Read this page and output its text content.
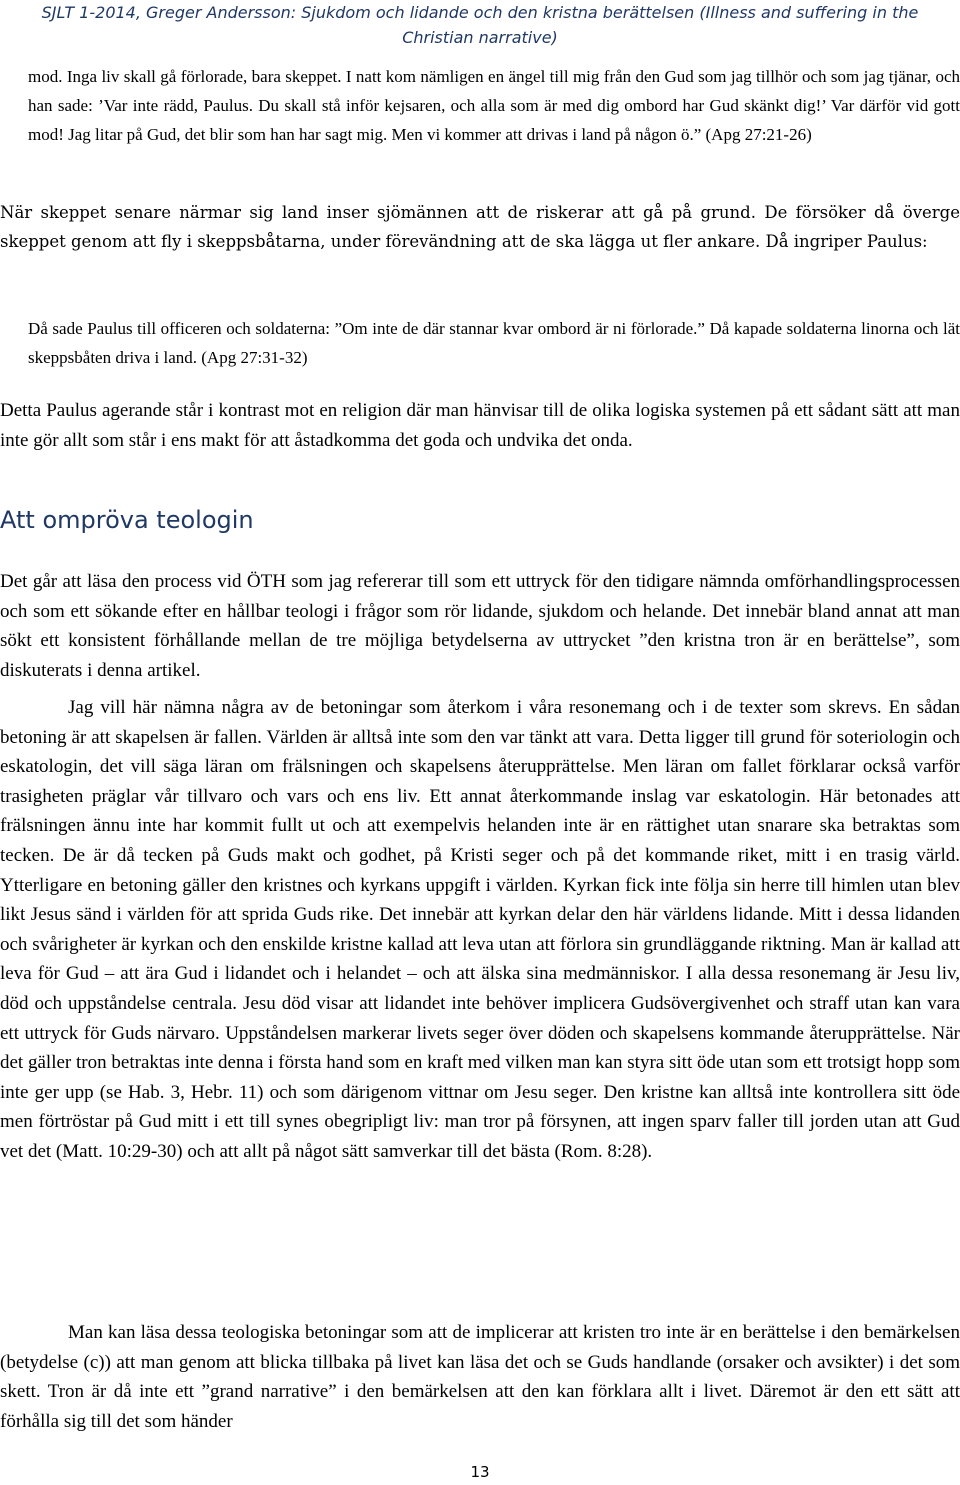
SJLT 1-2014, Greger Andersson: Sjukdom och lidande och den kristna berättelsen (Illness and suffering in the
Christian narrative)
mod. Inga liv skall gå förlorade, bara skeppet. I natt kom nämligen en ängel till mig från den Gud som jag tillhör och som jag tjänar, och han sade: ’Var inte rädd, Paulus. Du skall stå inför kejsaren, och alla som är med dig ombord har Gud skänkt dig!’ Var därför vid gott mod! Jag litar på Gud, det blir som han har sagt mig. Men vi kommer att drivas i land på någon ö.” (Apg 27:21-26)
När skeppet senare närmar sig land inser sjömännen att de riskerar att gå på grund. De försöker då överge skeppet genom att fly i skeppsbåtarna, under förevändning att de ska lägga ut fler ankare. Då ingriper Paulus:
Då sade Paulus till officeren och soldaterna: ”Om inte de där stannar kvar ombord är ni förlorade.” Då kapade soldaterna linorna och lät skeppsbåten driva i land. (Apg 27:31-32)
Detta Paulus agerande står i kontrast mot en religion där man hänvisar till de olika logiska systemen på ett sådant sätt att man inte gör allt som står i ens makt för att åstadkomma det goda och undvika det onda.
Att ompröva teologin
Det går att läsa den process vid ÖTH som jag refererar till som ett uttryck för den tidigare nämnda omförhandlingsprocessen och som ett sökande efter en hållbar teologi i frågor som rör lidande, sjukdom och helande. Det innebär bland annat att man sökt ett konsistent förhållande mellan de tre möjliga betydelserna av uttrycket ”den kristna tron är en berättelse”, som diskuterats i denna artikel.
Jag vill här nämna några av de betoningar som återkom i våra resonemang och i de texter som skrevs. En sådan betoning är att skapelsen är fallen. Världen är alltså inte som den var tänkt att vara. Detta ligger till grund för soteriologin och eskatologin, det vill säga läran om frälsningen och skapelsens återupprättelse. Men läran om fallet förklarar också varför trasigheten präglar vår tillvaro och vars och ens liv. Ett annat återkommande inslag var eskatologin. Här betonades att frälsningen ännu inte har kommit fullt ut och att exempelvis helanden inte är en rättighet utan snarare ska betraktas som tecken. De är då tecken på Guds makt och godhet, på Kristi seger och på det kommande riket, mitt i en trasig värld. Ytterligare en betoning gäller den kristnes och kyrkans uppgift i världen. Kyrkan fick inte följa sin herre till himlen utan blev likt Jesus sänd i världen för att sprida Guds rike. Det innebär att kyrkan delar den här världens lidande. Mitt i dessa lidanden och svårigheter är kyrkan och den enskilde kristne kallad att leva utan att förlora sin grundläggande riktning. Man är kallad att leva för Gud – att ära Gud i lidandet och i helandet – och att älska sina medmänniskor. I alla dessa resonemang är Jesu liv, död och uppståndelse centrala. Jesu död visar att lidandet inte behöver implicera Gudsövergivenhet och straff utan kan vara ett uttryck för Guds närvaro. Uppståndelsen markerar livets seger över döden och skapelsens kommande återupprättelse. När det gäller tron betraktas inte denna i första hand som en kraft med vilken man kan styra sitt öde utan som ett trotsigt hopp som inte ger upp (se Hab. 3, Hebr. 11) och som därigenom vittnar om Jesu seger. Den kristne kan alltså inte kontrollera sitt öde men förtröstar på Gud mitt i ett till synes obegripligt liv: man tror på försynen, att ingen sparv faller till jorden utan att Gud vet det (Matt. 10:29-30) och att allt på något sätt samverkar till det bästa (Rom. 8:28).
Man kan läsa dessa teologiska betoningar som att de implicerar att kristen tro inte är en berättelse i den bemärkelsen (betydelse (c)) att man genom att blicka tillbaka på livet kan läsa det och se Guds handlande (orsaker och avsikter) i det som skett. Tron är då inte ett ”grand narrative” i den bemärkelsen att den kan förklara allt i livet. Däremot är den ett sätt att förhålla sig till det som händer
13
